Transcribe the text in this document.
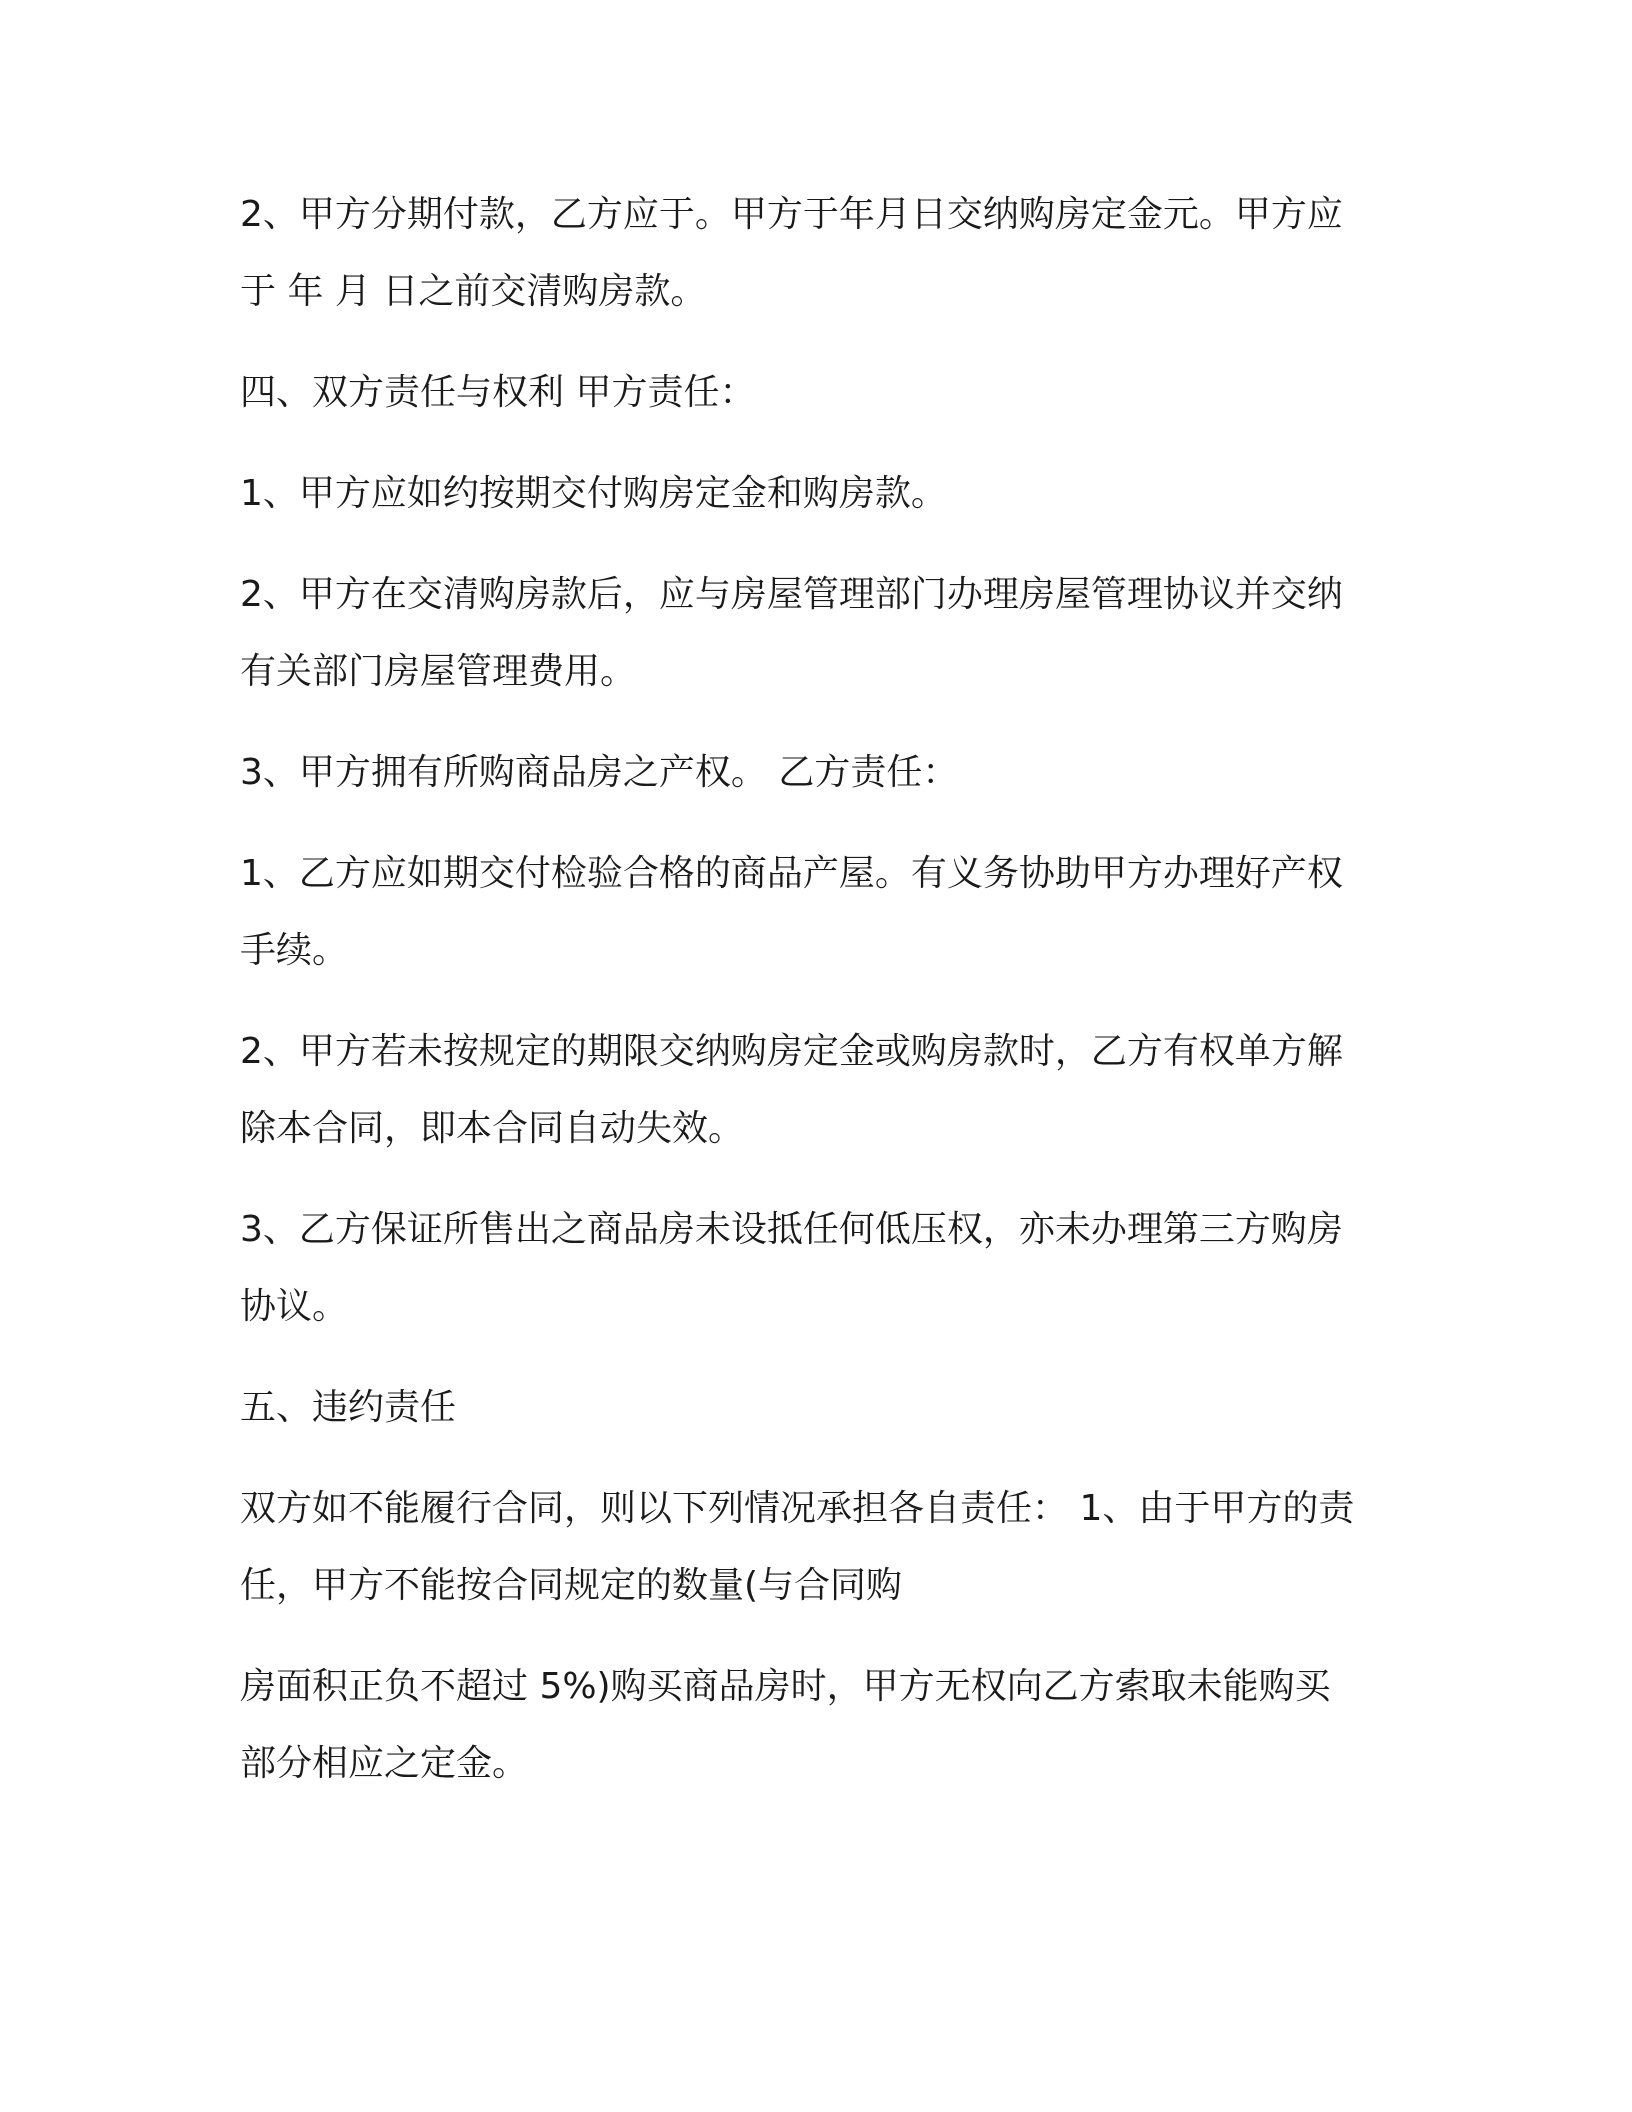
2、甲方分期付款，乙方应于。甲方于年月日交纳购房定金元。甲方应
于 年 月 日之前交清购房款。

四、双方责任与权利 甲方责任：

1、甲方应如约按期交付购房定金和购房款。

2、甲方在交清购房款后，应与房屋管理部门办理房屋管理协议并交纳
有关部门房屋管理费用。

3、甲方拥有所购商品房之产权。 乙方责任：

1、乙方应如期交付检验合格的商品产屋。有义务协助甲方办理好产权
手续。

2、甲方若未按规定的期限交纳购房定金或购房款时，乙方有权单方解
除本合同，即本合同自动失效。

3、乙方保证所售出之商品房未设抵任何低压权，亦未办理第三方购房
协议。

五、违约责任

双方如不能履行合同，则以下列情况承担各自责任： 1、由于甲方的责
任，甲方不能按合同规定的数量(与合同购

房面积正负不超过 5%)购买商品房时，甲方无权向乙方索取未能购买
部分相应之定金。
